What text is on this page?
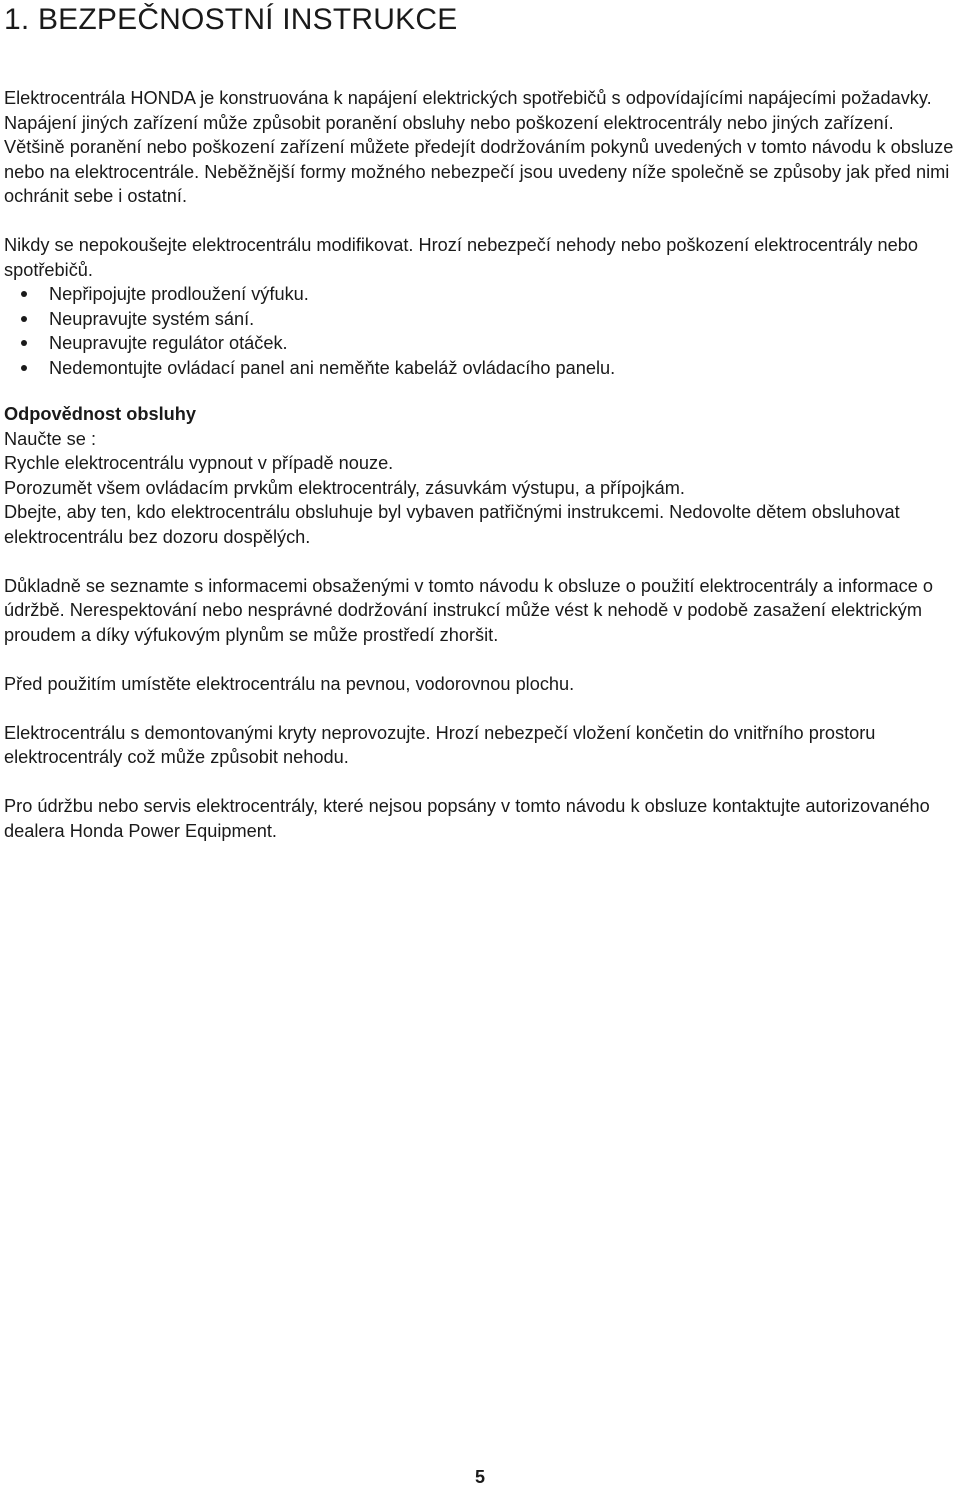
1. BEZPEČNOSTNÍ INSTRUKCE

Elektrocentrála HONDA je konstruována k napájení elektrických spotřebičů s odpovídajícími napájecími požadavky. Napájení jiných zařízení může způsobit poranění obsluhy nebo poškození elektrocentrály nebo jiných zařízení.

Většině poranění nebo poškození zařízení můžete předejít dodržováním pokynů uvedených v tomto návodu k obsluze nebo na elektrocentrále. Neběžnější formy možného nebezpečí jsou uvedeny níže společně se způsoby jak před nimi ochránit sebe i ostatní.

Nikdy se nepokoušejte elektrocentrálu modifikovat. Hrozí nebezpečí nehody nebo poškození elektrocentrály nebo spotřebičů.

Nepřipojujte prodloužení výfuku.
Neupravujte systém sání.
Neupravujte regulátor otáček.
Nedemontujte ovládací panel ani neměňte kabeláž ovládacího panelu.

Odpovědnost obsluhy

Naučte se :

Rychle elektrocentrálu vypnout v případě nouze.

Porozumět všem ovládacím prvkům elektrocentrály, zásuvkám výstupu, a přípojkám.

Dbejte, aby ten, kdo elektrocentrálu obsluhuje byl vybaven patřičnými instrukcemi. Nedovolte dětem obsluhovat elektrocentrálu bez dozoru dospělých.

Důkladně se seznamte s informacemi obsaženými v tomto návodu k obsluze o použití elektrocentrály a informace o údržbě. Nerespektování nebo nesprávné dodržování instrukcí může vést k nehodě v podobě zasažení elektrickým proudem a díky výfukovým plynům se může prostředí zhoršit.

Před použitím umístěte elektrocentrálu na pevnou, vodorovnou plochu.

Elektrocentrálu s demontovanými kryty neprovozujte. Hrozí nebezpečí vložení končetin do vnitřního prostoru elektrocentrály což může způsobit nehodu.

Pro údržbu nebo servis elektrocentrály, které nejsou popsány v tomto návodu k obsluze kontaktujte autorizovaného dealera Honda Power Equipment.

5
